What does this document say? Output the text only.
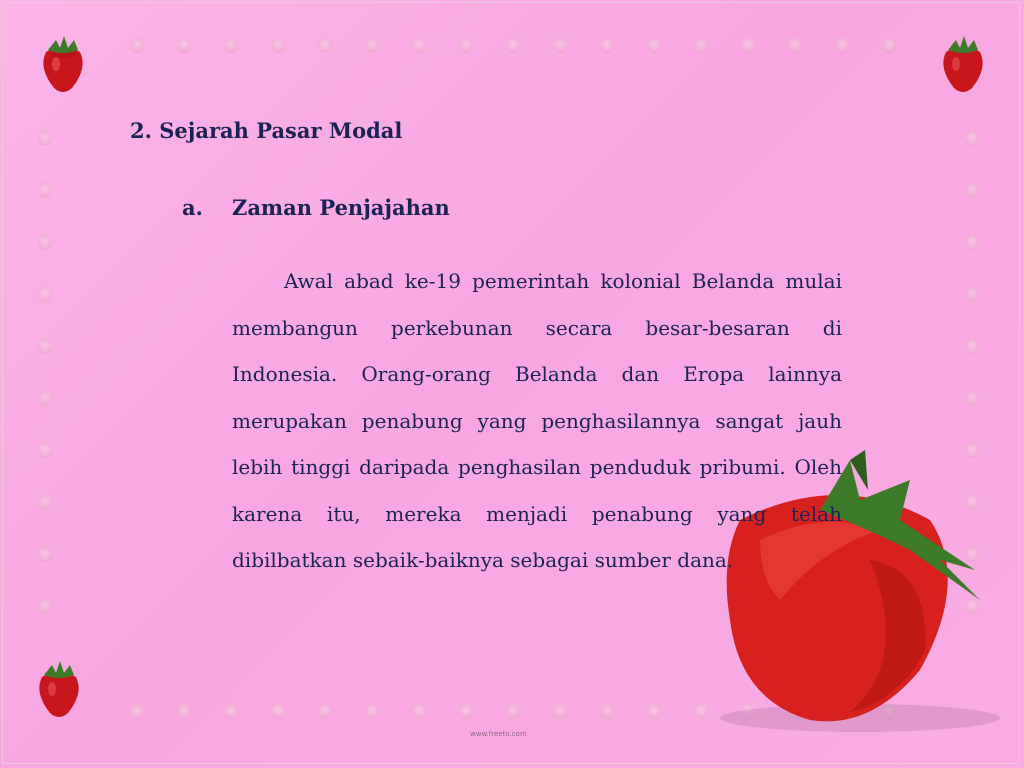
2. Sejarah Pasar Modal
a. Zaman Penjajahan

Awal abad ke-19 pemerintah kolonial Belanda mulai membangun perkebunan secara besar-besaran di Indonesia. Orang-orang Belanda dan Eropa lainnya merupakan penabung yang penghasilannya sangat jauh lebih tinggi daripada penghasilan penduduk pribumi. Oleh karena itu, mereka menjadi penabung yang telah dibilbatkan sebaik-baiknya sebagai sumber dana.

www.freeto.com
